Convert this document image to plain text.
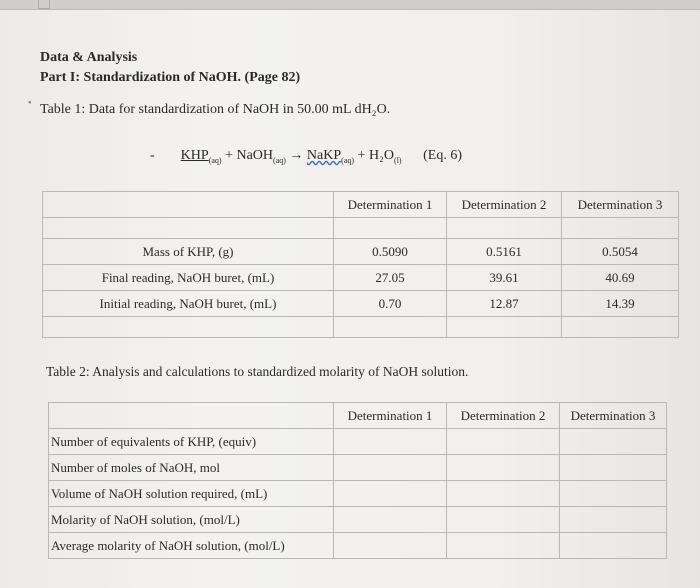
Data & Analysis
Part I: Standardization of NaOH. (Page 82)
• Table 1: Data for standardization of NaOH in 50.00 mL dH₂O.
- $KHP_{(aq)}$ + NaOH$_{(aq)}$ → NaKP$_{(aq)}$ + $H_2O_{(l)}$ (Eq. 6)
	Determination 1	Determination 2	Determination 3

Mass of KHP, (g)	0.5090	0.5161	0.5054
Final reading, NaOH buret, (mL)	27.05	39.61	40.69
Initial reading, NaOH buret, (mL)	0.70	12.87	14.39

Table 2: Analysis and calculations to standardized molarity of NaOH solution.
	Determination 1	Determination 2	Determination 3
Number of equivalents of KHP, (equiv)			
Number of moles of NaOH, mol			
Volume of NaOH solution required, (mL)			
Molarity of NaOH solution, (mol/L)			
Average molarity of NaOH solution, (mol/L)			
